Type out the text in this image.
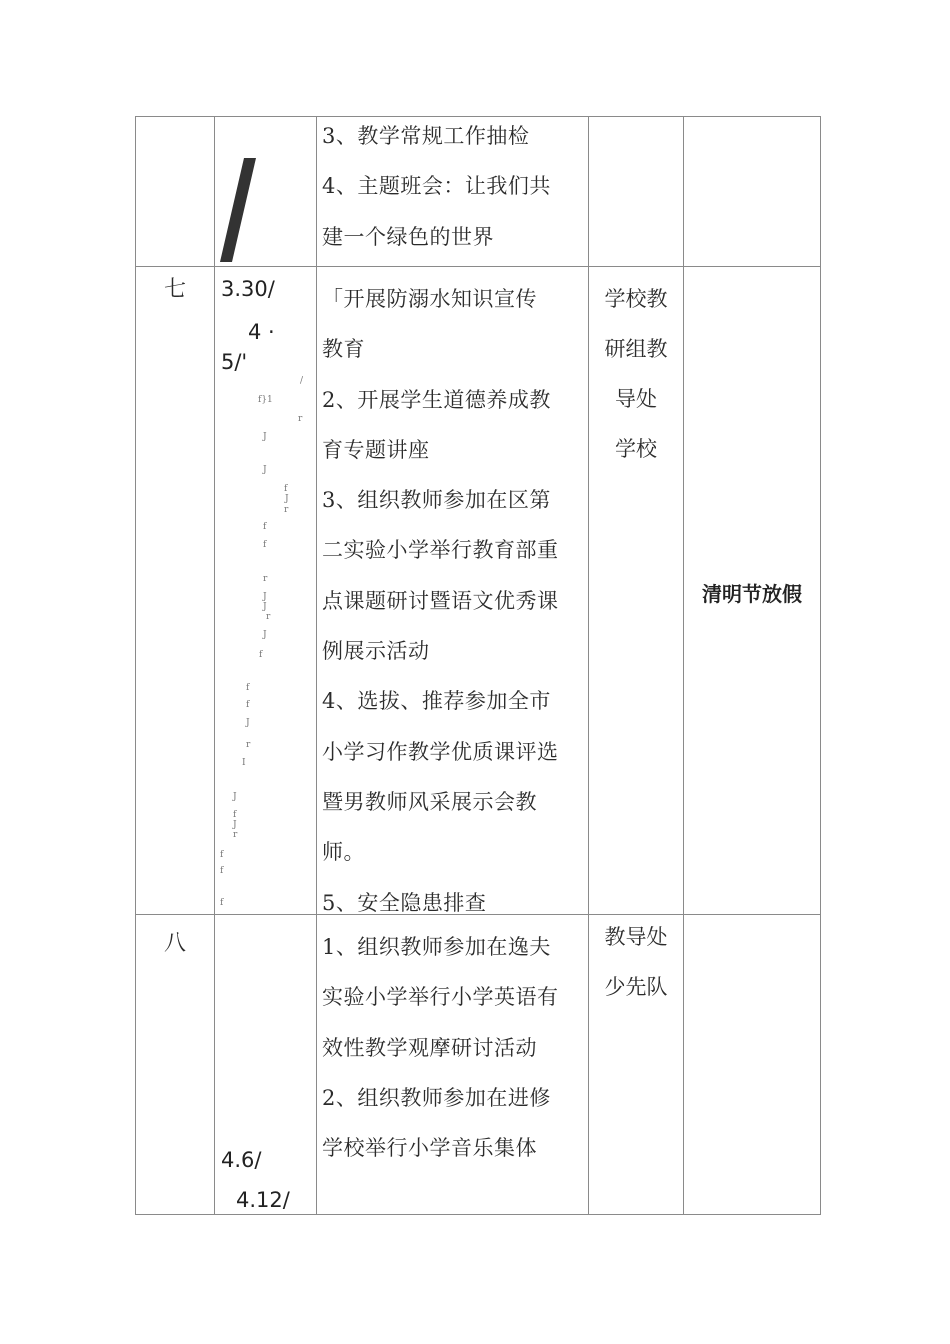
3、教学常规工作抽检

4、主题班会：让我们共

建一个绿色的世界

七	3.30/
4 ·
5/'
/
f}1
r
J
J
f
J
r
f
f
r
J
J
r
J
f
f
f
J
r
I
J
f
J
r
f
f
f

「开展防溺水知识宣传

教育

2、开展学生道德养成教

育专题讲座

3、组织教师参加在区第

二实验小学举行教育部重

点课题研讨暨语文优秀课

例展示活动

4、选拔、推荐参加全市

小学习作教学优质课评选

暨男教师风采展示会教

师。

5、安全隐患排查

学校教

研组教

导处

学校

清明节放假
八
4.6/
4.12/

1、组织教师参加在逸夫

实验小学举行小学英语有

效性教学观摩研讨活动

2、组织教师参加在进修

学校举行小学音乐集体

教导处

少先队
